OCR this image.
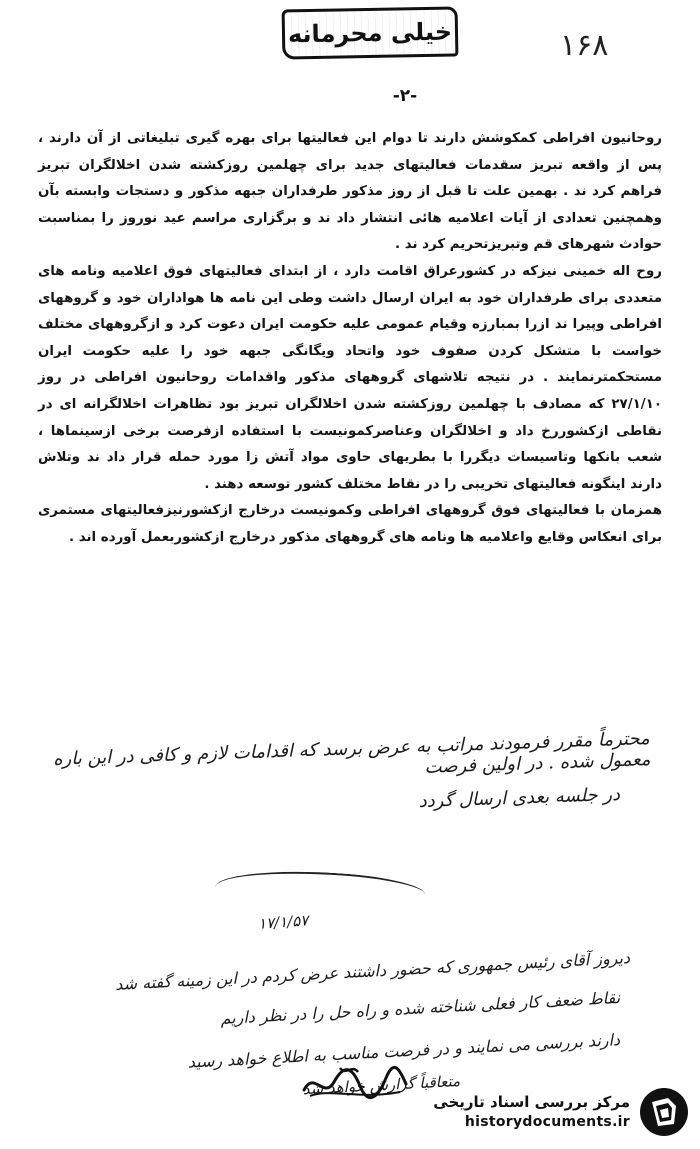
خیلی محرمانه	۱۶۸
-۲-

روحانیون افراطی کمکوشش دارند تا دوام این فعالیتها برای بهره گیری تبلیغاتی از آن دارند ، پس از واقعه تبریز سقدمات فعالیتهای جدید برای چهلمین روزکشته شدن اخلالگران تبریز فراهم کرد ند . بهمین علت تا قبل از روز مذکور طرفداران جبهه مذکور و دستجات وابسته بآن وهمچنین تعدادی از آیات اعلامیه هائی انتشار داد ند و برگزاری مراسم عید نوروز را بمناسبت حوادث شهرهای قم وتبریزتحریم کرد ند .

روح اله خمینی نیزکه در کشورعراق اقامت دارد ، از ابتدای فعالیتهای فوق اعلامیه ونامه های متعددی برای طرفداران خود به ایران ارسال داشت وطی این نامه ها هواداران خود و گروههای افراطی وپیرا ند ازرا بمبارزه وقیام عمومی علیه حکومت ایران دعوت کرد و ازگروههای مختلف خواست با متشکل کردن صفوف خود واتحاد ویگانگی جبهه خود را علیه حکومت ایران مستحکمترنمایند . در نتیجه تلاشهای گروههای مذکور واقدامات روحانیون افراطی در روز ۲۷/۱/۱۰ که مصادف با چهلمین روزکشته شدن اخلالگران تبریز بود تظاهرات اخلالگرانه ای در نقاطی ازکشوررخ داد و اخلالگران وعناصرکمونیست با استفاده ازفرصت برخی ازسینماها ، شعب بانکها وتاسیسات دیگررا با بطریهای حاوی مواد آتش زا مورد حمله قرار داد ند وتلاش دارند اینگونه فعالیتهای تخریبی را در نقاط مختلف کشور توسعه دهند .

همزمان با فعالیتهای فوق گروههای افراطی وکمونیست درخارج ازکشورنیزفعالیتهای مستمری برای انعکاس وقایع واعلامیه ها ونامه های گروههای مذکور درخارج ازکشوربعمل آورده اند .

محترماً مقرر فرمودند مراتب به عرض برسد که اقدامات لازم و کافی در این باره معمول شده . در اولین فرصت
در جلسه بعدی ارسال گردد
۱۷/۱/۵۷
دیروز آقای رئیس جمهوری که حضور داشتند عرض کردم در این زمینه گفته شد
نقاط ضعف کار فعلی شناخته شده و راه حل را در نظر داریم
دارند بررسی می نمایند و در فرصت مناسب به اطلاع خواهد رسید
متعاقباً گزارش خواهد شد
مرکز بررسی اسناد تاریخی
historydocuments.ir
